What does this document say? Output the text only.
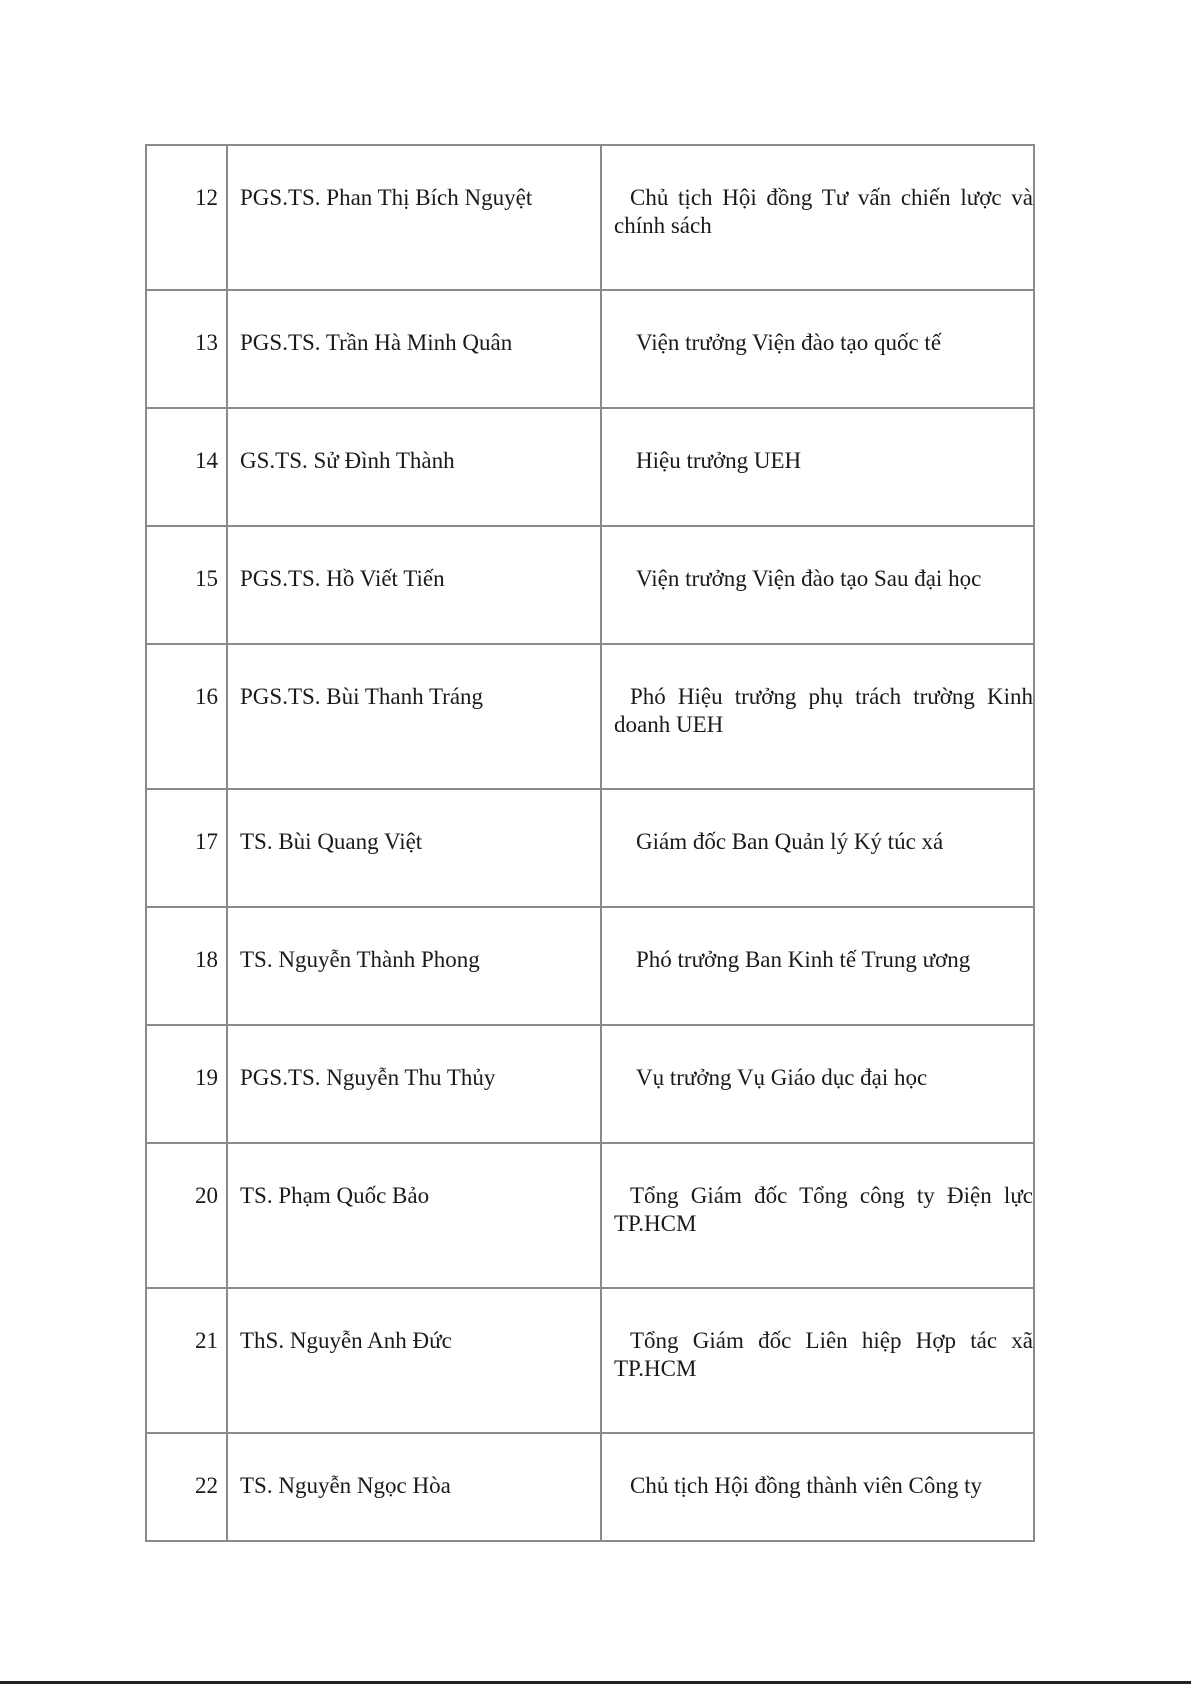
12	PGS.TS. Phan Thị Bích Nguyệt	Chủ tịch Hội đồng Tư vấn chiến lược và chính sách
13	PGS.TS. Trần Hà Minh Quân	Viện trưởng Viện đào tạo quốc tế
14	GS.TS. Sử Đình Thành	Hiệu trưởng UEH
15	PGS.TS. Hồ Viết Tiến	Viện trưởng Viện đào tạo Sau đại học
16	PGS.TS. Bùi Thanh Tráng	Phó Hiệu trưởng phụ trách trường Kinh doanh UEH
17	TS. Bùi Quang Việt	Giám đốc Ban Quản lý Ký túc xá
18	TS. Nguyễn Thành Phong	Phó trưởng Ban Kinh tế Trung ương
19	PGS.TS. Nguyễn Thu Thủy	Vụ trưởng Vụ Giáo dục đại học
20	TS. Phạm Quốc Bảo	Tổng Giám đốc Tổng công ty Điện lực TP.HCM
21	ThS. Nguyễn Anh Đức	Tổng Giám đốc Liên hiệp Hợp tác xã TP.HCM
22	TS. Nguyễn Ngọc Hòa	Chủ tịch Hội đồng thành viên Công ty
